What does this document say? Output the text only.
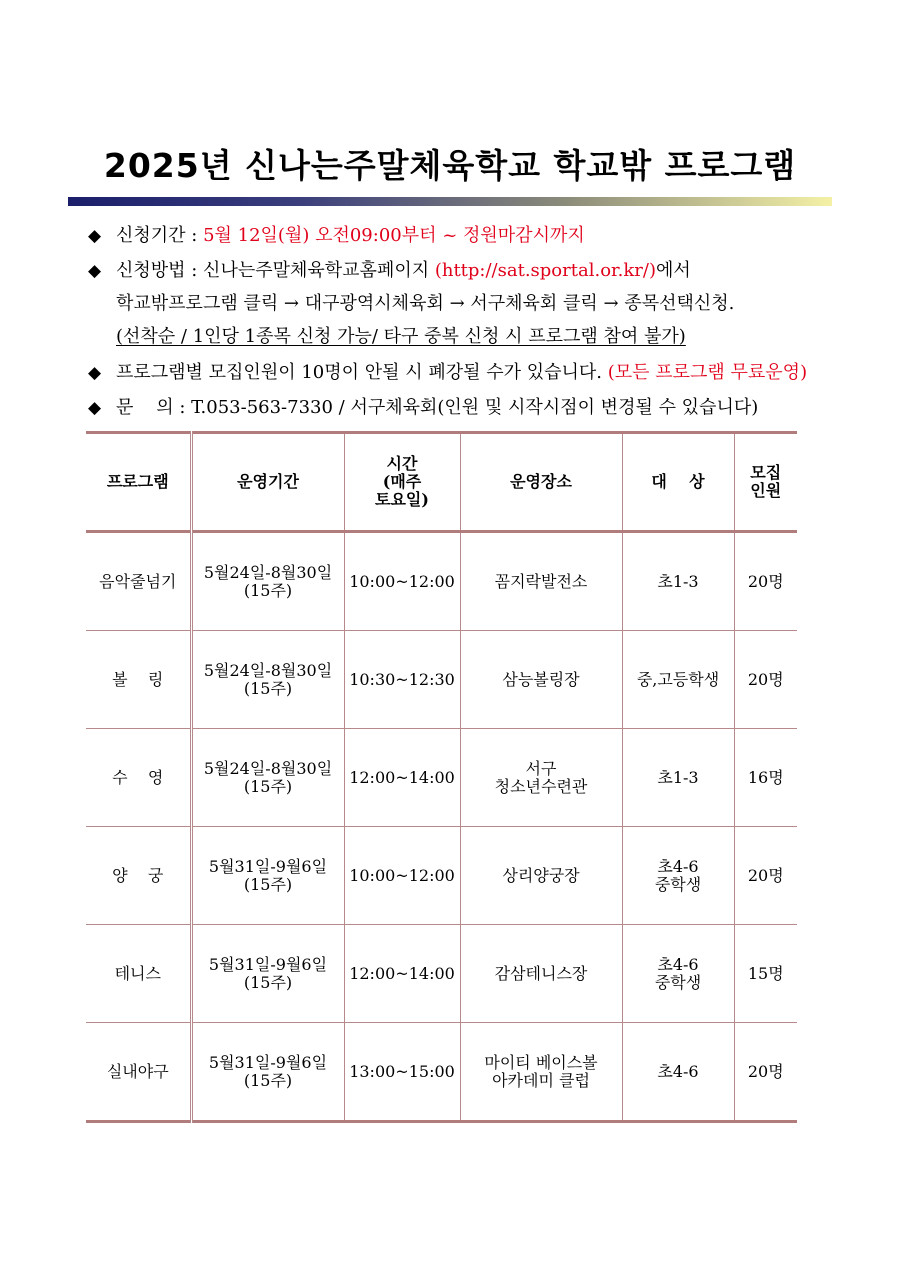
2025년 신나는주말체육학교 학교밖 프로그램
◆ 신청기간 : 5월 12일(월) 오전09:00부터 ~ 정원마감시까지
◆ 신청방법 : 신나는주말체육학교홈페이지 (http://sat.sportal.or.kr/)에서
학교밖프로그램 클릭 → 대구광역시체육회 → 서구체육회 클릭 → 종목선택신청.
(선착순 / 1인당 1종목 신청 가능/ 타구 중복 신청 시 프로그램 참여 불가)
◆ 프로그램별 모집인원이 10명이 안될 시 폐강될 수가 있습니다. (모든 프로그램 무료운영)
◆ 문    의 : T.053-563-7330 / 서구체육회(인원 및 시작시점이 변경될 수 있습니다)
프로그램	운영기간	시간
(매주
토요일)	운영장소	대    상	모집
인원

음악줄넘기	5월24일-8월30일
(15주)	10:00~12:00	꼼지락발전소	초1-3	20명
볼    링	5월24일-8월30일
(15주)	10:30~12:30	삼능볼링장	중,고등학생	20명
수    영	5월24일-8월30일
(15주)	12:00~14:00	서구
청소년수련관	초1-3	16명
양    궁	5월31일-9월6일
(15주)	10:00~12:00	상리양궁장	초4-6
중학생	20명
테니스	5월31일-9월6일
(15주)	12:00~14:00	감삼테니스장	초4-6
중학생	15명
실내야구	5월31일-9월6일
(15주)	13:00~15:00	마이티 베이스볼
아카데미 클럽	초4-6	20명
